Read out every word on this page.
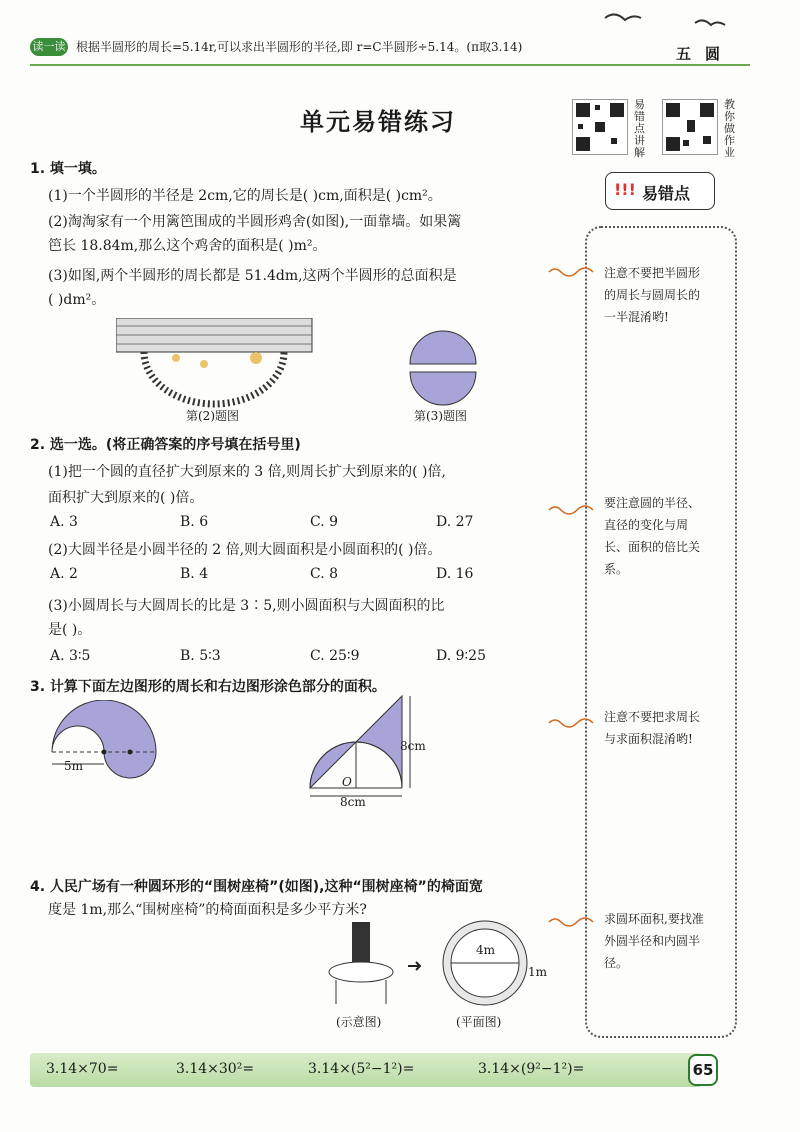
读一读 根据半圆形的周长=5.14r,可以求出半圆形的半径,即 r=C半圆形÷5.14。(π取3.14)	五圆
单元易错练习
易错点讲解
教你做作业
!!! 易错点
注意不要把半圆形的周长与圆周长的一半混淆哟!
要注意圆的半径、直径的变化与周长、面积的倍比关系。
注意不要把求周长与求面积混淆哟!
求圆环面积,要找准外圆半径和内圆半径。
1. 填一填。
(1)一个半圆形的半径是 2cm,它的周长是( )cm,面积是( )cm²。
(2)淘淘家有一个用篱笆围成的半圆形鸡舍(如图),一面靠墙。如果篱
笆长 18.84m,那么这个鸡舍的面积是( )m²。
(3)如图,两个半圆形的周长都是 51.4dm,这两个半圆形的总面积是
( )dm²。
第(2)题图	第(3)题图
2. 选一选。(将正确答案的序号填在括号里)
(1)把一个圆的直径扩大到原来的 3 倍,则周长扩大到原来的( )倍,
面积扩大到原来的( )倍。
A. 3	B. 6	C. 9	D. 27
(2)大圆半径是小圆半径的 2 倍,则大圆面积是小圆面积的( )倍。
A. 2	B. 4	C. 8	D. 16
(3)小圆周长与大圆周长的比是 3∶5,则小圆面积与大圆面积的比
是( )。
A. 3∶5	B. 5∶3	C. 25∶9	D. 9∶25
3. 计算下面左边图形的周长和右边图形涂色部分的面积。
5m
8cm
8cm
O
4. 人民广场有一种圆环形的“围树座椅”(如图),这种“围树座椅”的椅面宽
度是 1m,那么“围树座椅”的椅面面积是多少平方米?
4m
1m
(示意图)	(平面图)
3.14×70=	3.14×30²=	3.14×(5²−1²)=	3.14×(9²−1²)=	65
